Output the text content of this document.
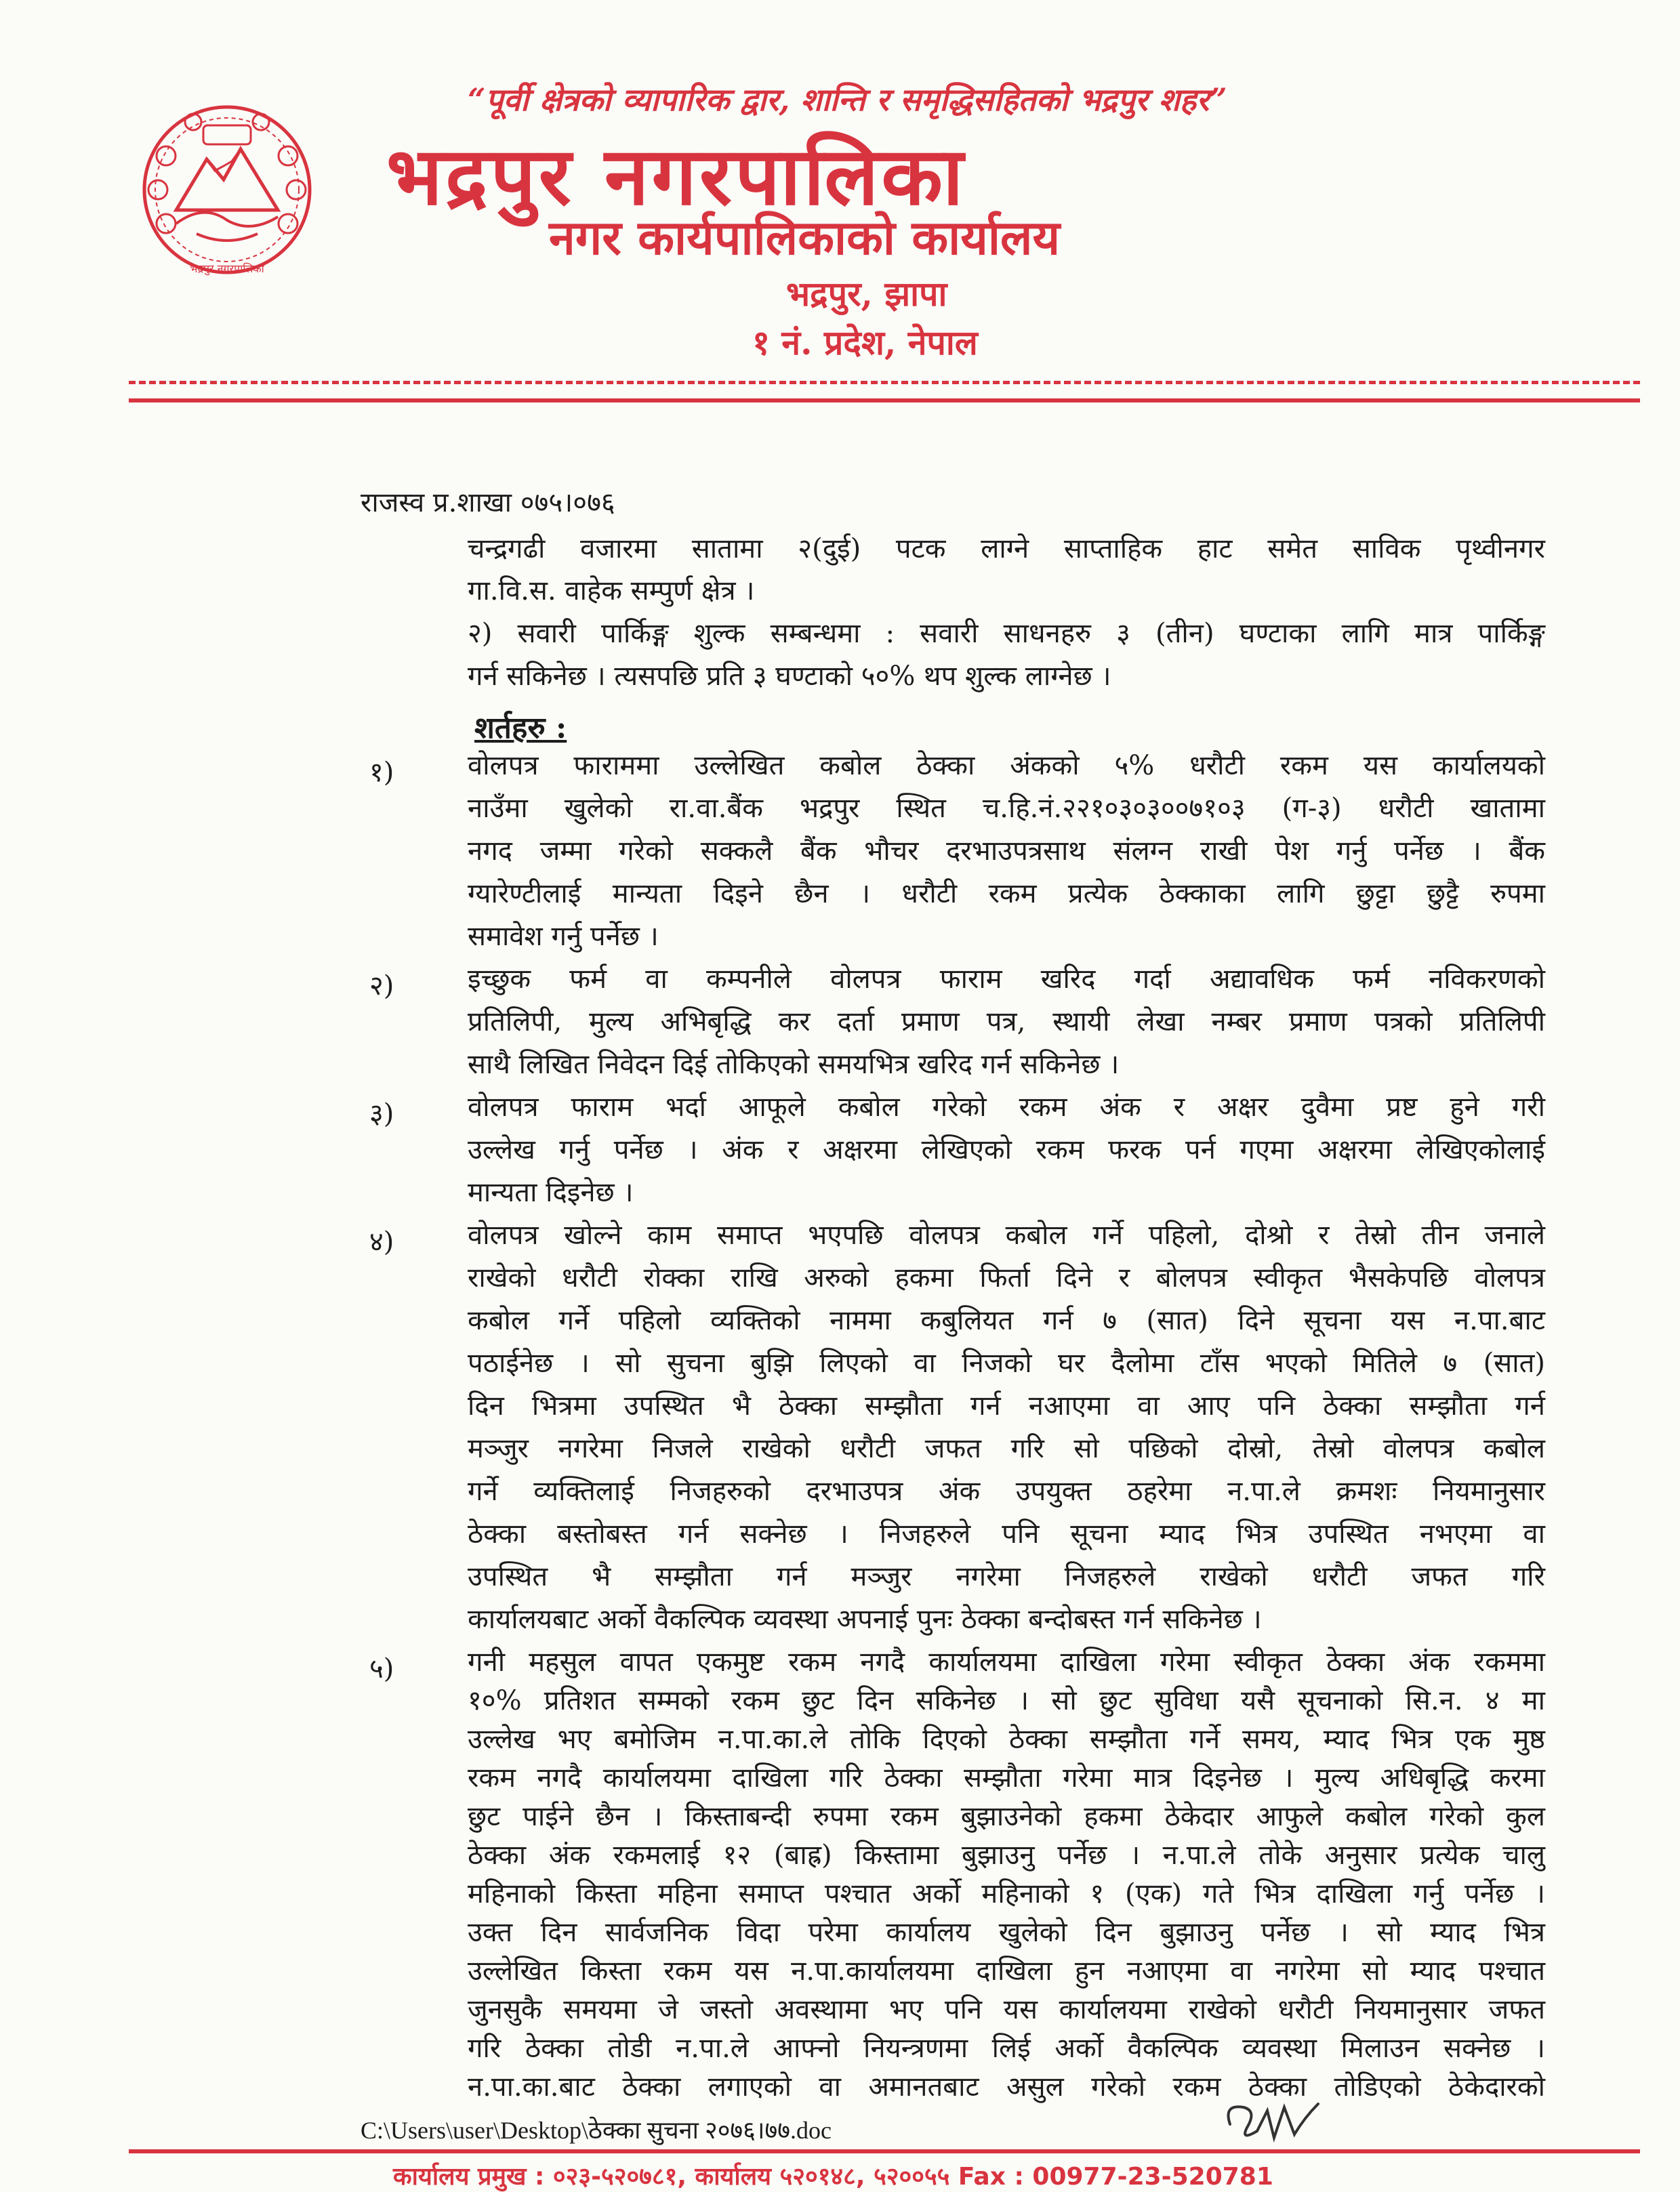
भद्रपुर नगरपालिका
“पूर्वी क्षेत्रको व्यापारिक द्वार, शान्ति र समृद्धिसहितको भद्रपुर शहर”
भद्रपुर नगरपालिका
नगर कार्यपालिकाको कार्यालय
भद्रपुर, झापा
१ नं. प्रदेश, नेपाल
राजस्व प्र.शाखा ०७५।०७६
चन्द्रगढी वजारमा सातामा २(दुई) पटक लाग्ने साप्ताहिक हाट समेत साविक पृथ्वीनगर
गा.वि.स. वाहेक सम्पुर्ण क्षेत्र ।
२) सवारी पार्किङ्ग शुल्क सम्बन्धमा : सवारी साधनहरु ३ (तीन) घण्टाका लागि मात्र पार्किङ्ग
गर्न सकिनेछ । त्यसपछि प्रति ३ घण्टाको ५०% थप शुल्क लाग्नेछ ।
शर्तहरु :
१)	वोलपत्र फाराममा उल्लेखित कबोल ठेक्का अंकको ५% धरौटी रकम यस कार्यालयको
नाउँमा खुलेको रा.वा.बैंक भद्रपुर स्थित च.हि.नं.२२१०३०३००७१०३ (ग-३) धरौटी खातामा
नगद जम्मा गरेको सक्कलै बैंक भौचर दरभाउपत्रसाथ संलग्न राखी पेश गर्नु पर्नेछ । बैंक
ग्यारेण्टीलाई मान्यता दिइने छैन । धरौटी रकम प्रत्येक ठेक्काका लागि छुट्टा छुट्टै रुपमा
समावेश गर्नु पर्नेछ ।
२)	इच्छुक फर्म वा कम्पनीले वोलपत्र फाराम खरिद गर्दा अद्यावधिक फर्म नविकरणको
प्रतिलिपी, मुल्य अभिबृद्धि कर दर्ता प्रमाण पत्र, स्थायी लेखा नम्बर प्रमाण पत्रको प्रतिलिपी
साथै लिखित निवेदन दिई तोकिएको समयभित्र खरिद गर्न सकिनेछ ।
३)	वोलपत्र फाराम भर्दा आफूले कबोल गरेको रकम अंक र अक्षर दुवैमा प्रष्ट हुने गरी
उल्लेख गर्नु पर्नेछ । अंक र अक्षरमा लेखिएको रकम फरक पर्न गएमा अक्षरमा लेखिएकोलाई
मान्यता दिइनेछ ।
४)	वोलपत्र खोल्ने काम समाप्त भएपछि वोलपत्र कबोल गर्ने पहिलो, दोश्रो र तेस्रो तीन जनाले
राखेको धरौटी रोक्का राखि अरुको हकमा फिर्ता दिने र बोलपत्र स्वीकृत भैसकेपछि वोलपत्र
कबोल गर्ने पहिलो व्यक्तिको नाममा कबुलियत गर्न ७ (सात) दिने सूचना यस न.पा.बाट
पठाईनेछ । सो सुचना बुझि लिएको वा निजको घर दैलोमा टाँस भएको मितिले ७ (सात)
दिन भित्रमा उपस्थित भै ठेक्का सम्झौता गर्न नआएमा वा आए पनि ठेक्का सम्झौता गर्न
मञ्जुर नगरेमा निजले राखेको धरौटी जफत गरि सो पछिको दोस्रो, तेस्रो वोलपत्र कबोल
गर्ने व्यक्तिलाई निजहरुको दरभाउपत्र अंक उपयुक्त ठहरेमा न.पा.ले क्रमशः नियमानुसार
ठेक्का बस्तोबस्त गर्न सक्नेछ । निजहरुले पनि सूचना म्याद भित्र उपस्थित नभएमा वा
उपस्थित भै सम्झौता गर्न मञ्जुर नगरेमा निजहरुले राखेको धरौटी जफत गरि
कार्यालयबाट अर्को वैकल्पिक व्यवस्था अपनाई पुनः ठेक्का बन्दोबस्त गर्न सकिनेछ ।
५)	गनी महसुल वापत एकमुष्ट रकम नगदै कार्यालयमा दाखिला गरेमा स्वीकृत ठेक्का अंक रकममा
१०% प्रतिशत सम्मको रकम छुट दिन सकिनेछ । सो छुट सुविधा यसै सूचनाको सि.न. ४ मा
उल्लेख भए बमोजिम न.पा.का.ले तोकि दिएको ठेक्का सम्झौता गर्ने समय, म्याद भित्र एक मुष्ठ
रकम नगदै कार्यालयमा दाखिला गरि ठेक्का सम्झौता गरेमा मात्र दिइनेछ । मुल्य अधिबृद्धि करमा
छुट पाईने छैन । किस्ताबन्दी रुपमा रकम बुझाउनेको हकमा ठेकेदार आफुले कबोल गरेको कुल
ठेक्का अंक रकमलाई १२ (बाह्र) किस्तामा बुझाउनु पर्नेछ । न.पा.ले तोके अनुसार प्रत्येक चालु
महिनाको किस्ता महिना समाप्त पश्चात अर्को महिनाको १ (एक) गते भित्र दाखिला गर्नु पर्नेछ ।
उक्त दिन सार्वजनिक विदा परेमा कार्यालय खुलेको दिन बुझाउनु पर्नेछ । सो म्याद भित्र
उल्लेखित किस्ता रकम यस न.पा.कार्यालयमा दाखिला हुन नआएमा वा नगरेमा सो म्याद पश्चात
जुनसुकै समयमा जे जस्तो अवस्थामा भए पनि यस कार्यालयमा राखेको धरौटी नियमानुसार जफत
गरि ठेक्का तोडी न.पा.ले आफ्नो नियन्त्रणमा लिई अर्को वैकल्पिक व्यवस्था मिलाउन सक्नेछ ।
न.पा.का.बाट ठेक्का लगाएको वा अमानतबाट असुल गरेको रकम ठेक्का तोडिएको ठेकेदारको
C:\Users\user\Desktop\ठेक्का सुचना २०७६।७७.doc
कार्यालय प्रमुख : ०२३-५२०७८१, कार्यालय ५२०१४८, ५२००५५ Fax : 00977-23-520781
